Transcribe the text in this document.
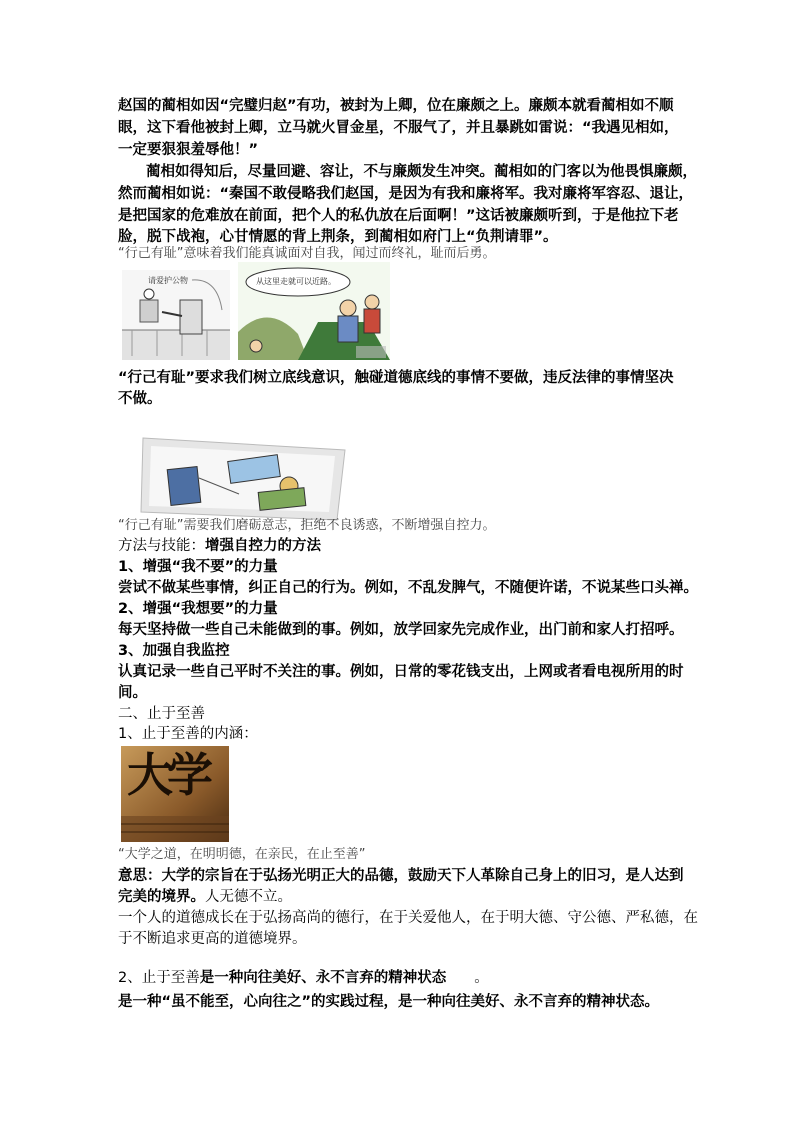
赵国的蔺相如因“完璧归赵”有功，被封为上卿，位在廉颇之上。廉颇本就看蔺相如不顺
眼，这下看他被封上卿，立马就火冒金星，不服气了，并且暴跳如雷说：“我遇见相如，
一定要狠狠羞辱他！”
蔺相如得知后，尽量回避、容让，不与廉颇发生冲突。蔺相如的门客以为他畏惧廉颇，
然而蔺相如说：“秦国不敢侵略我们赵国，是因为有我和廉将军。我对廉将军容忍、退让，
是把国家的危难放在前面，把个人的私仇放在后面啊！”这话被廉颇听到，于是他拉下老
脸，脱下战袍，心甘情愿的背上荆条，到蔺相如府门上“负荆请罪”。
“行己有耻”意味着我们能真诚面对自我，闻过而终礼，耻而后勇。
请爱护公物	从这里走就可以近路。
“行己有耻”要求我们树立底线意识，触碰道德底线的事情不要做，违反法律的事情坚决
不做。
“行己有耻”需要我们磨砺意志，拒绝不良诱惑，不断增强自控力。
方法与技能：增强自控力的方法
1、增强“我不要”的力量
尝试不做某些事情，纠正自己的行为。例如，不乱发脾气，不随便许诺，不说某些口头禅。
2、增强“我想要”的力量
每天坚持做一些自己未能做到的事。例如，放学回家先完成作业，出门前和家人打招呼。
3、加强自我监控
认真记录一些自己平时不关注的事。例如，日常的零花钱支出，上网或者看电视所用的时
间。
二、止于至善
1、止于至善的内涵：
大学
“大学之道，在明明德，在亲民，在止至善”
意思：大学的宗旨在于弘扬光明正大的品德，鼓励天下人革除自己身上的旧习，是人达到
完美的境界。人无德不立。
一个人的道德成长在于弘扬高尚的德行，在于关爱他人，在于明大德、守公德、严私德，在
于不断追求更高的道德境界。
2、止于至善是一种向往美好、永不言弃的精神状态 。
是一种“虽不能至，心向往之”的实践过程，是一种向往美好、永不言弃的精神状态。
